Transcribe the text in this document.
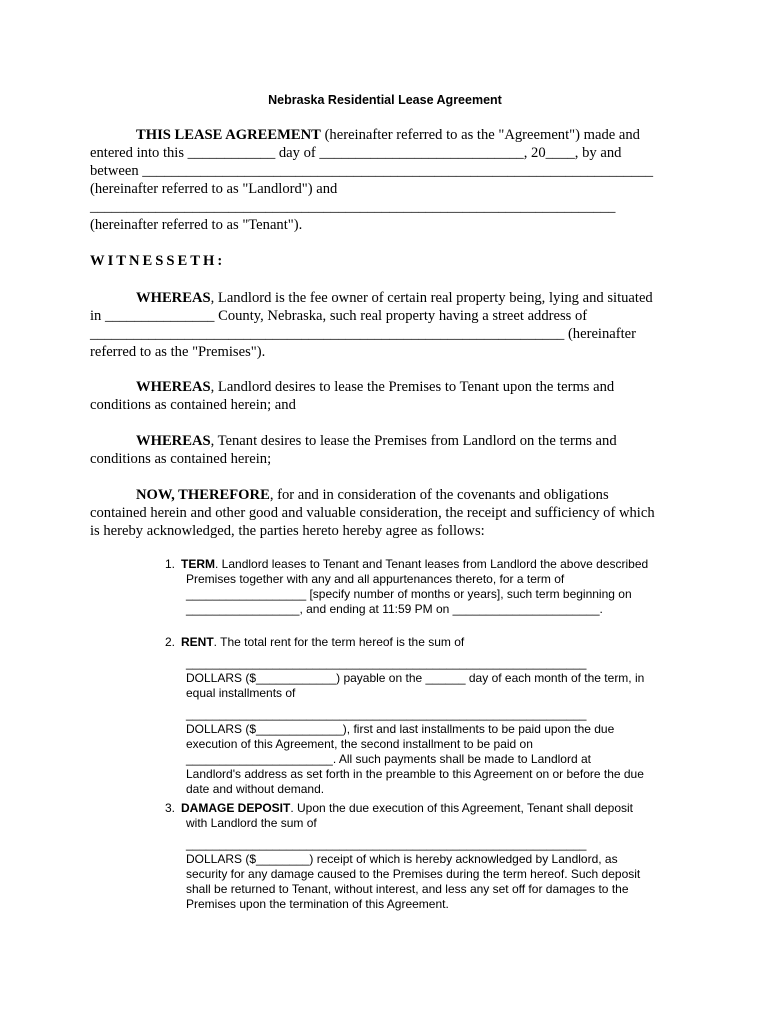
Nebraska Residential Lease Agreement
THIS LEASE AGREEMENT (hereinafter referred to as the "Agreement") made and
entered into this ____________ day of ____________________________, 20____, by and
between ______________________________________________________________________
(hereinafter referred to as "Landlord") and
________________________________________________________________________
(hereinafter referred to as "Tenant").
WITNESSETH:
WHEREAS, Landlord is the fee owner of certain real property being, lying and situated
in _______________ County, Nebraska, such real property having a street address of
_________________________________________________________________ (hereinafter
referred to as the "Premises").
WHEREAS, Landlord desires to lease the Premises to Tenant upon the terms and
conditions as contained herein; and
WHEREAS, Tenant desires to lease the Premises from Landlord on the terms and
conditions as contained herein;
NOW, THEREFORE, for and in consideration of the covenants and obligations
contained herein and other good and valuable consideration, the receipt and sufficiency of which
is hereby acknowledged, the parties hereto hereby agree as follows:
1. TERM. Landlord leases to Tenant and Tenant leases from Landlord the above described
Premises together with any and all appurtenances thereto, for a term of
__________________ [specify number of months or years], such term beginning on
_________________, and ending at 11:59 PM on ______________________.
2. RENT. The total rent for the term hereof is the sum of
____________________________________________________________
DOLLARS ($____________) payable on the ______ day of each month of the term, in
equal installments of
____________________________________________________________
DOLLARS ($_____________), first and last installments to be paid upon the due
execution of this Agreement, the second installment to be paid on
______________________. All such payments shall be made to Landlord at
Landlord's address as set forth in the preamble to this Agreement on or before the due
date and without demand.
3. DAMAGE DEPOSIT. Upon the due execution of this Agreement, Tenant shall deposit
with Landlord the sum of
____________________________________________________________
DOLLARS ($________) receipt of which is hereby acknowledged by Landlord, as
security for any damage caused to the Premises during the term hereof. Such deposit
shall be returned to Tenant, without interest, and less any set off for damages to the
Premises upon the termination of this Agreement.
